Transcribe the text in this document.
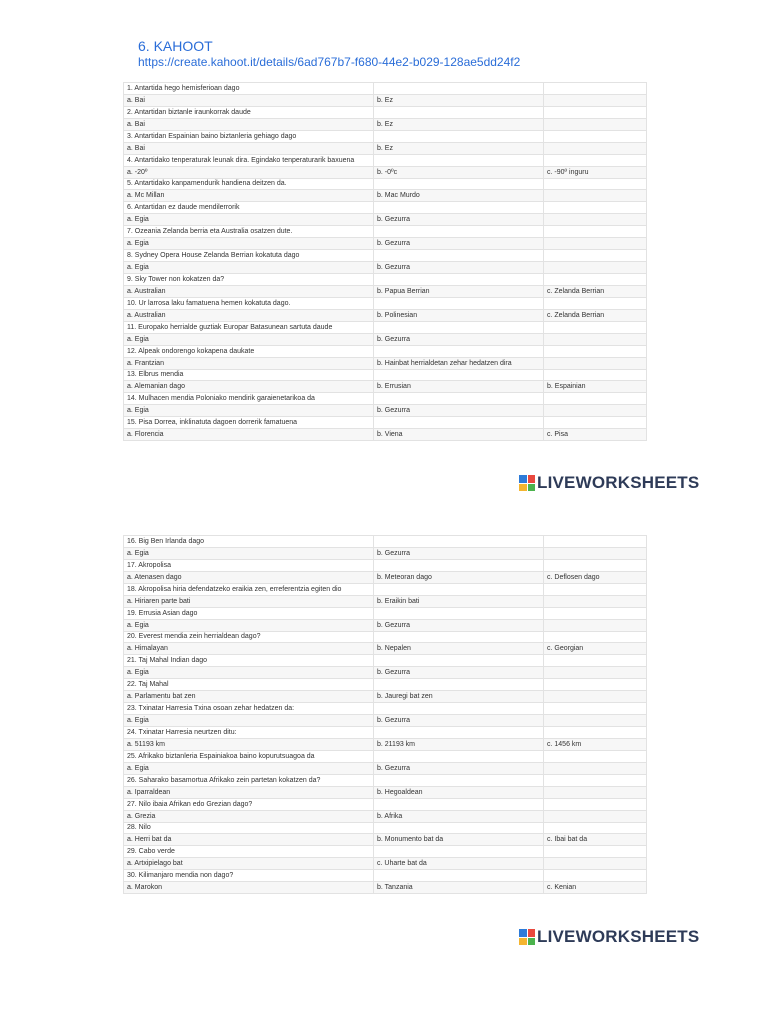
6. KAHOOT
https://create.kahoot.it/details/6ad767b7-f680-44e2-b029-128ae5dd24f2
1. Antartida hego hemisferioan dago		
a. Bai	b. Ez	
2. Antartidan biztanle iraunkorrak daude		
a. Bai	b. Ez	
3. Antartidan Espainian baino biztanleria gehiago dago		
a. Bai	b. Ez	
4. Antartidako tenperaturak leunak dira. Egindako tenperaturarik baxuena		
a. -20º	b. -0ºc	c. -90º inguru
5. Antartidako kanpamendurik handiena deitzen da.		
a. Mc Millan	b. Mac Murdo	
6. Antartidan ez daude mendilerrorik		
a. Egia	b. Gezurra	
7. Ozeania Zelanda berria eta Australia osatzen dute.		
a. Egia	b. Gezurra	
8. Sydney Opera House Zelanda Berrian kokatuta dago		
a. Egia	b. Gezurra	
9. Sky Tower non kokatzen da?		
a. Australian	b. Papua Berrian	c. Zelanda Berrian
10. Ur larrosa laku famatuena hemen kokatuta dago.		
a. Australian	b. Polinesian	c. Zelanda Berrian
11. Europako herrialde guztiak Europar Batasunean sartuta daude		
a. Egia	b. Gezurra	
12. Alpeak ondorengo kokapena daukate		
a. Frantzian	b. Hainbat herrialdetan zehar hedatzen dira	
13. Elbrus mendia		
a. Alemanian dago	b. Errusian	b. Espainian
14. Mulhacen mendia Poloniako mendirik garaienetarikoa da		
a. Egia	b. Gezurra	
15. Pisa Dorrea, inklinatuta dagoen dorrerik famatuena		
a. Florencia	b. Viena	c. Pisa
LIVEWORKSHEETS
16. Big Ben Irlanda dago		
a. Egia	b. Gezurra	
17. Akropolisa		
a. Atenasen dago	b. Meteoran dago	c. Deflosen dago
18. Akropolisa hiria defendatzeko eraikia zen, erreferentzia egiten dio		
a. Hiriaren parte bati	b. Eraikin bati	
19. Errusia Asian dago		
a. Egia	b. Gezurra	
20. Everest mendia zein herrialdean dago?		
a. Himalayan	b. Nepalen	c. Georgian
21. Taj Mahal Indian dago		
a. Egia	b. Gezurra	
22. Taj Mahal		
a. Parlamentu bat zen	b. Jauregi bat zen	
23. Txinatar Harresia Txina osoan zehar hedatzen da:		
a. Egia	b. Gezurra	
24. Txinatar Harresia neurtzen ditu:		
a. 51193 km	b. 21193 km	c. 1456 km
25. Afrikako biztanleria Espainiakoa baino kopurutsuagoa da		
a. Egia	b. Gezurra	
26. Saharako basamortua Afrikako zein partetan kokatzen da?		
a. Iparraldean	b. Hegoaldean	
27. Nilo ibaia Afrikan edo Grezian dago?		
a. Grezia	b. Afrika	
28. Nilo		
a. Herri bat da	b. Monumento bat da	c. Ibai bat da
29. Cabo verde		
a. Artxipielago bat	c. Uharte bat da	
30. Kilimanjaro mendia non dago?		
a. Marokon	b. Tanzania	c. Kenian
LIVEWORKSHEETS
